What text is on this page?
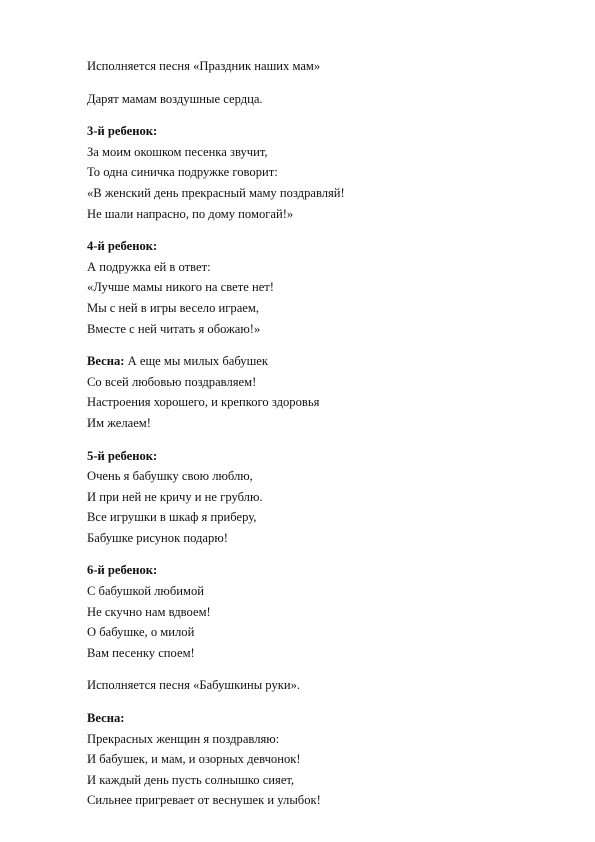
Исполняется песня «Праздник наших мам»
Дарят мамам воздушные сердца.
3-й ребенок:
За моим окошком песенка звучит,
То одна синичка подружке говорит:
«В женский день прекрасный маму поздравляй!
Не шали напрасно, по дому помогай!»
4-й ребенок:
А подружка ей в ответ:
«Лучше мамы никого на свете нет!
Мы с ней в игры весело играем,
Вместе с ней читать я обожаю!»
Весна: А еще мы милых бабушек
Со всей любовью поздравляем!
Настроения хорошего, и крепкого здоровья
Им желаем!
5-й ребенок:
Очень я бабушку свою люблю,
И при ней не кричу и не грублю.
Все игрушки в шкаф я приберу,
Бабушке рисунок подарю!
6-й ребенок:
С бабушкой любимой
Не скучно нам вдвоем!
О бабушке, о милой
Вам песенку споем!
Исполняется песня «Бабушкины руки».
Весна:
Прекрасных женщин я поздравляю:
И бабушек, и мам, и озорных девчонок!
И каждый день пусть солнышко сияет,
Сильнее пригревает от веснушек и улыбок!
